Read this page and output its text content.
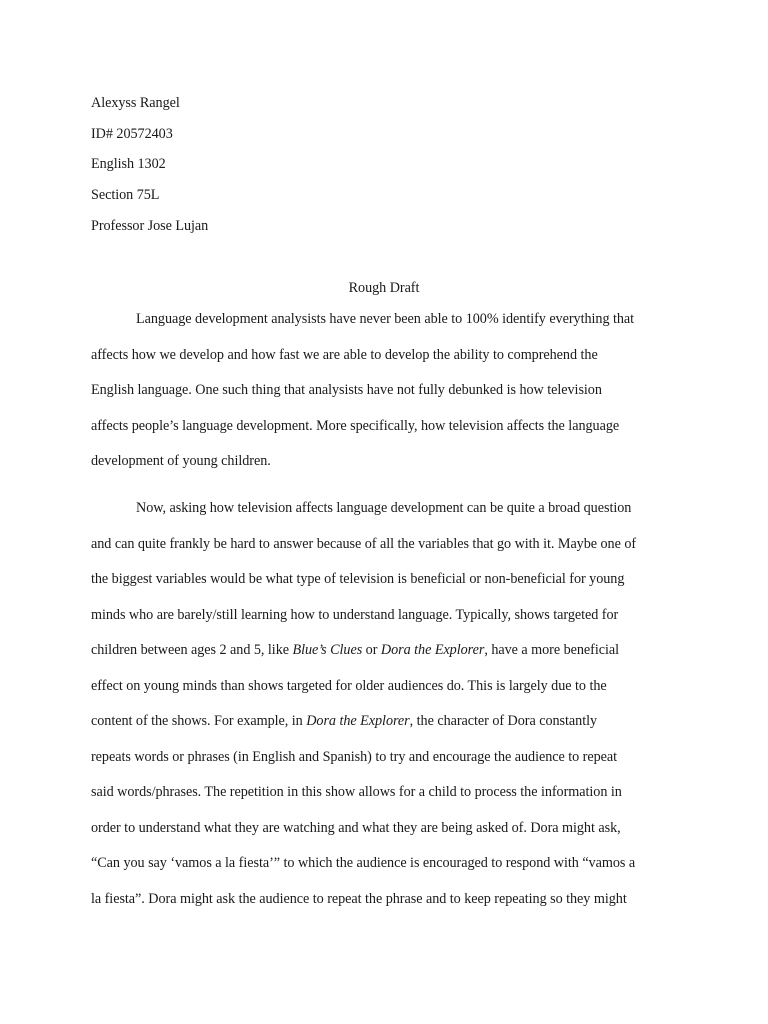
Alexyss Rangel
ID# 20572403
English 1302
Section 75L
Professor Jose Lujan
Rough Draft
Language development analysists have never been able to 100% identify everything that
affects how we develop and how fast we are able to develop the ability to comprehend the
English language. One such thing that analysists have not fully debunked is how television
affects people’s language development. More specifically, how television affects the language
development of young children.
Now, asking how television affects language development can be quite a broad question
and can quite frankly be hard to answer because of all the variables that go with it. Maybe one of
the biggest variables would be what type of television is beneficial or non-beneficial for young
minds who are barely/still learning how to understand language. Typically, shows targeted for
children between ages 2 and 5, like Blue’s Clues or Dora the Explorer, have a more beneficial
effect on young minds than shows targeted for older audiences do. This is largely due to the
content of the shows. For example, in Dora the Explorer, the character of Dora constantly
repeats words or phrases (in English and Spanish) to try and encourage the audience to repeat
said words/phrases. The repetition in this show allows for a child to process the information in
order to understand what they are watching and what they are being asked of. Dora might ask,
“Can you say ‘vamos a la fiesta’” to which the audience is encouraged to respond with “vamos a
la fiesta”. Dora might ask the audience to repeat the phrase and to keep repeating so they might
